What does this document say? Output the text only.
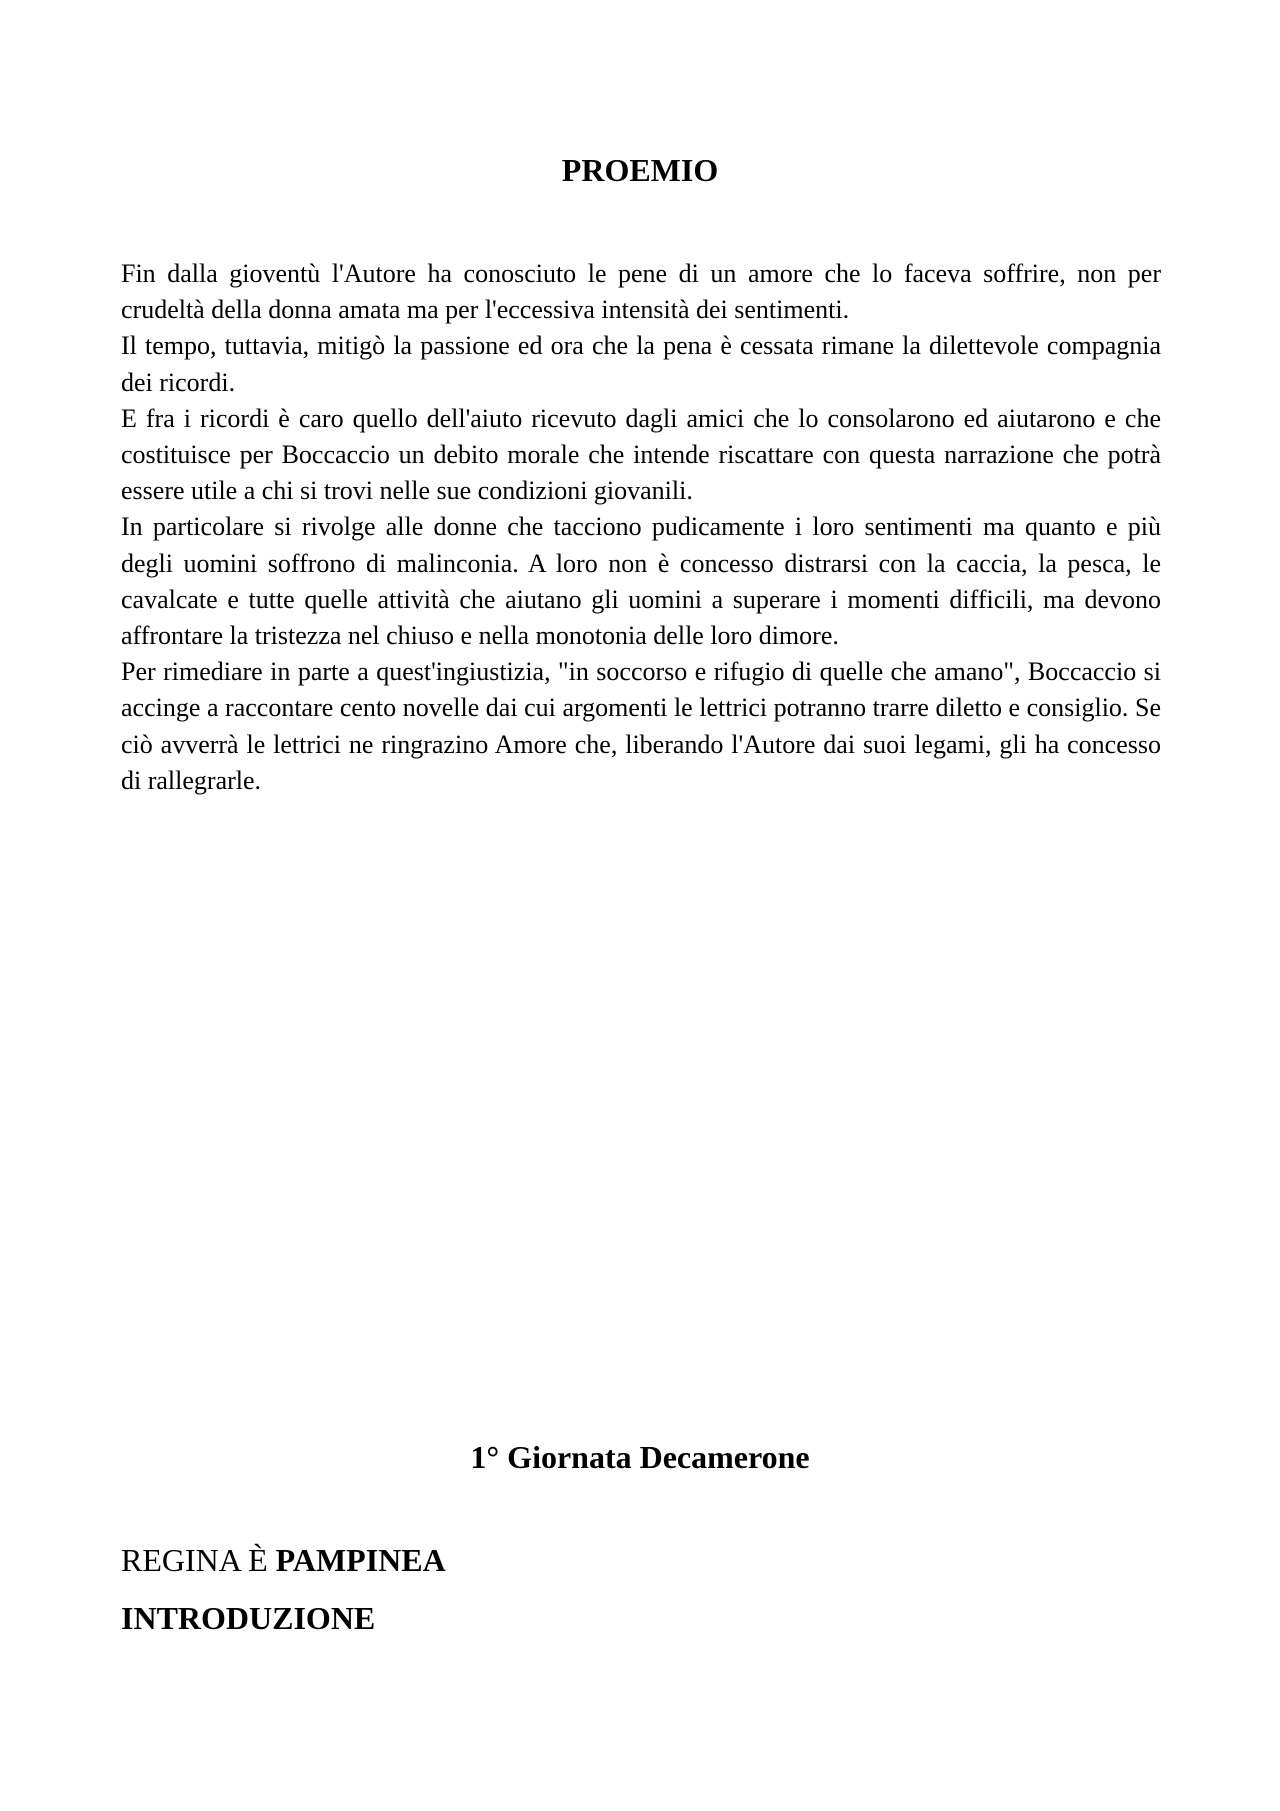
PROEMIO

Fin dalla gioventù l'Autore ha conosciuto le pene di un amore che lo faceva soffrire, non per crudeltà della donna amata ma per l'eccessiva intensità dei sentimenti.

Il tempo, tuttavia, mitigò la passione ed ora che la pena è cessata rimane la dilettevole compagnia dei ricordi.

E fra i ricordi è caro quello dell'aiuto ricevuto dagli amici che lo consolarono ed aiutarono e che costituisce per Boccaccio un debito morale che intende riscattare con questa narrazione che potrà essere utile a chi si trovi nelle sue condizioni giovanili.

In particolare si rivolge alle donne che tacciono pudicamente i loro sentimenti ma quanto e più degli uomini soffrono di malinconia. A loro non è concesso distrarsi con la caccia, la pesca, le cavalcate e tutte quelle attività che aiutano gli uomini a superare i momenti difficili, ma devono affrontare la tristezza nel chiuso e nella monotonia delle loro dimore.

Per rimediare in parte a quest'ingiustizia, "in soccorso e rifugio di quelle che amano", Boccaccio si accinge a raccontare cento novelle dai cui argomenti le lettrici potranno trarre diletto e consiglio. Se ciò avverrà le lettrici ne ringrazino Amore che, liberando l'Autore dai suoi legami, gli ha concesso di rallegrarle.

1° Giornata Decamerone

REGINA È PAMPINEA

INTRODUZIONE
